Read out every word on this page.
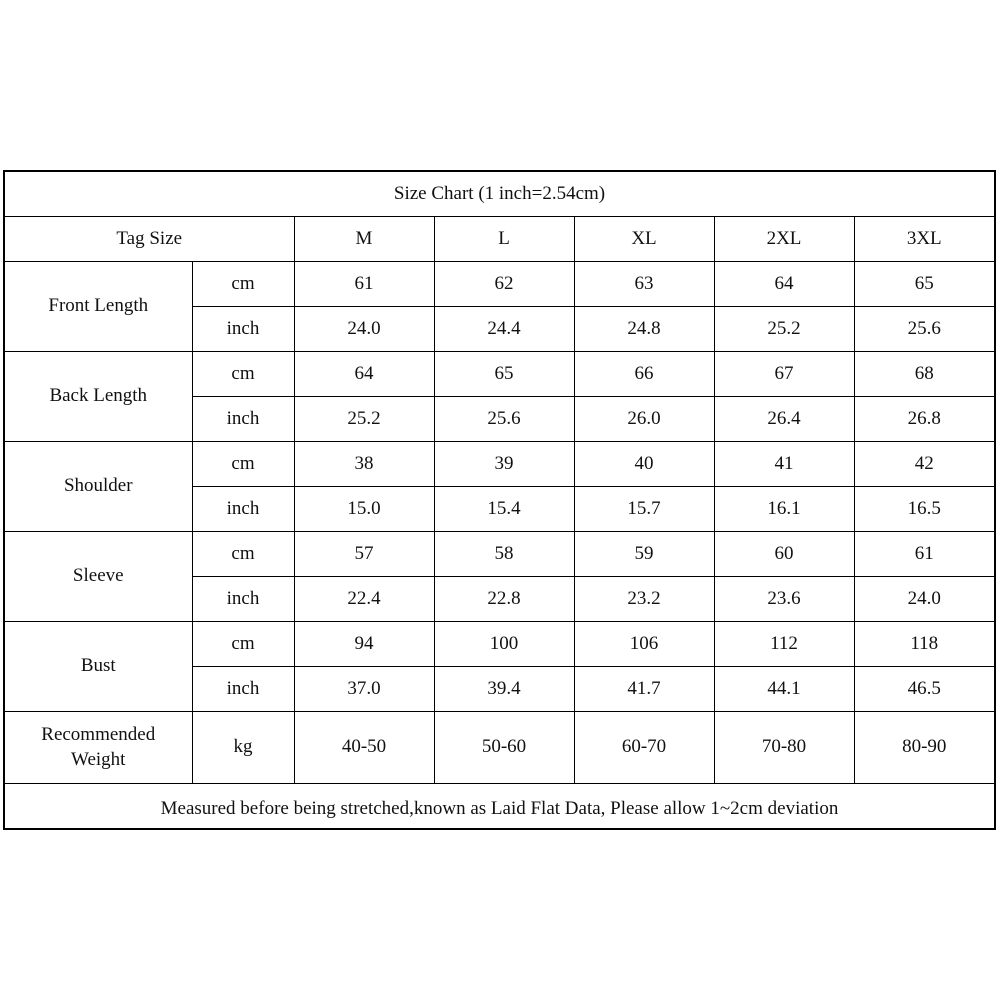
Size Chart (1 inch=2.54cm)						
Tag Size		M	L	XL	2XL	3XL
Front Length	cm	61	62	63	64	65
	inch	24.0	24.4	24.8	25.2	25.6
Back Length	cm	64	65	66	67	68
	inch	25.2	25.6	26.0	26.4	26.8
Shoulder	cm	38	39	40	41	42
	inch	15.0	15.4	15.7	16.1	16.5
Sleeve	cm	57	58	59	60	61
	inch	22.4	22.8	23.2	23.6	24.0
Bust	cm	94	100	106	112	118
	inch	37.0	39.4	41.7	44.1	46.5
Recommended
Weight	kg	40-50	50-60	60-70	70-80	80-90
Measured before being stretched,known as Laid Flat Data, Please allow 1~2cm deviation						
